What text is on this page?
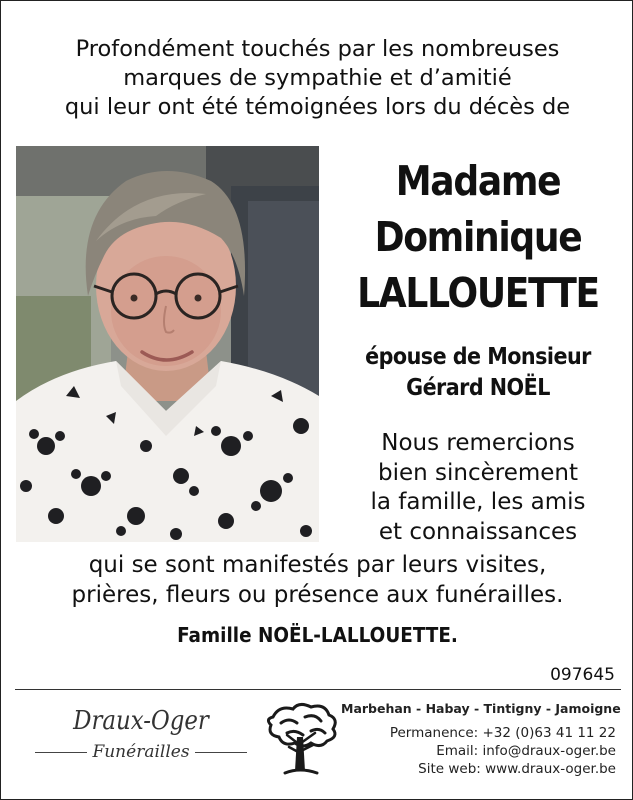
Profondément touchés par les nombreuses
marques de sympathie et d’amitié
qui leur ont été témoignées lors du décès de
Madame
Dominique
LALLOUETTE
épouse de Monsieur
Gérard NOËL
Nous remercions
bien sincèrement
la famille, les amis
et connaissances
qui se sont manifestés par leurs visites,
prières, fleurs ou présence aux funérailles.
Famille NOËL-LALLOUETTE.
097645
Draux-Oger
Funérailles
Marbehan - Habay - Tintigny - Jamoigne
Permanence: +32 (0)63 41 11 22
Email: info@draux-oger.be
Site web: www.draux-oger.be
